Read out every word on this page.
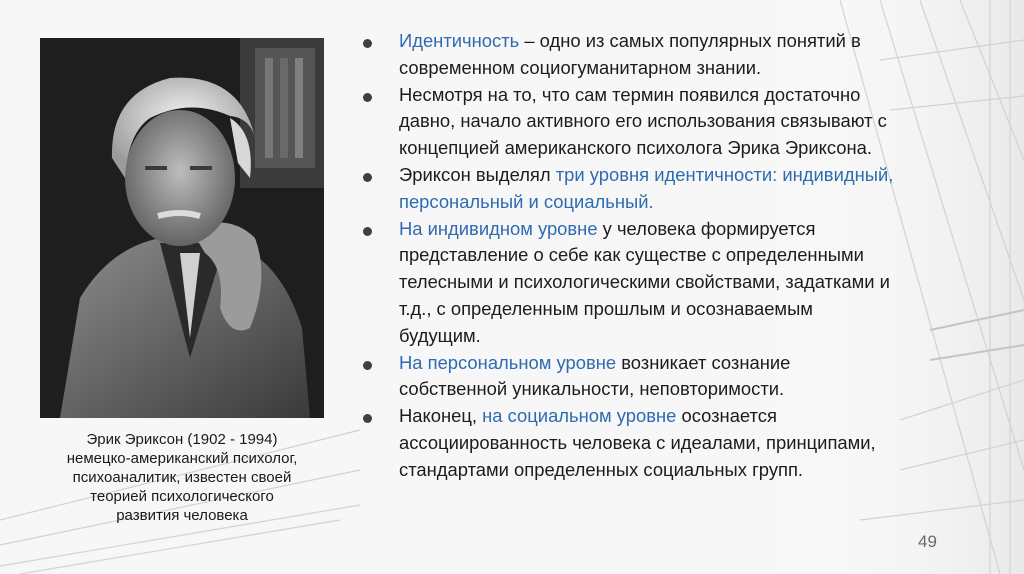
Эрик Эриксон (1902 - 1994)
немецко-американский психолог,
психоаналитик, известен своей
теорией психологического
развития человека
Идентичность – одно из самых популярных понятий в
современном социогуманитарном знании.
Несмотря на то, что сам термин появился достаточно
давно, начало активного его использования связывают с
концепцией американского психолога Эрика Эриксона.
Эриксон выделял три уровня идентичности: индивидный,
персональный и социальный.
На индивидном уровне у человека формируется
представление о себе как существе с определенными
телесными и психологическими свойствами, задатками и
т.д., с определенным прошлым и осознаваемым
будущим.
На персональном уровне возникает сознание
собственной уникальности, неповторимости.
Наконец, на социальном уровне осознается
ассоциированность человека с идеалами, принципами,
стандартами определенных социальных групп.
49
